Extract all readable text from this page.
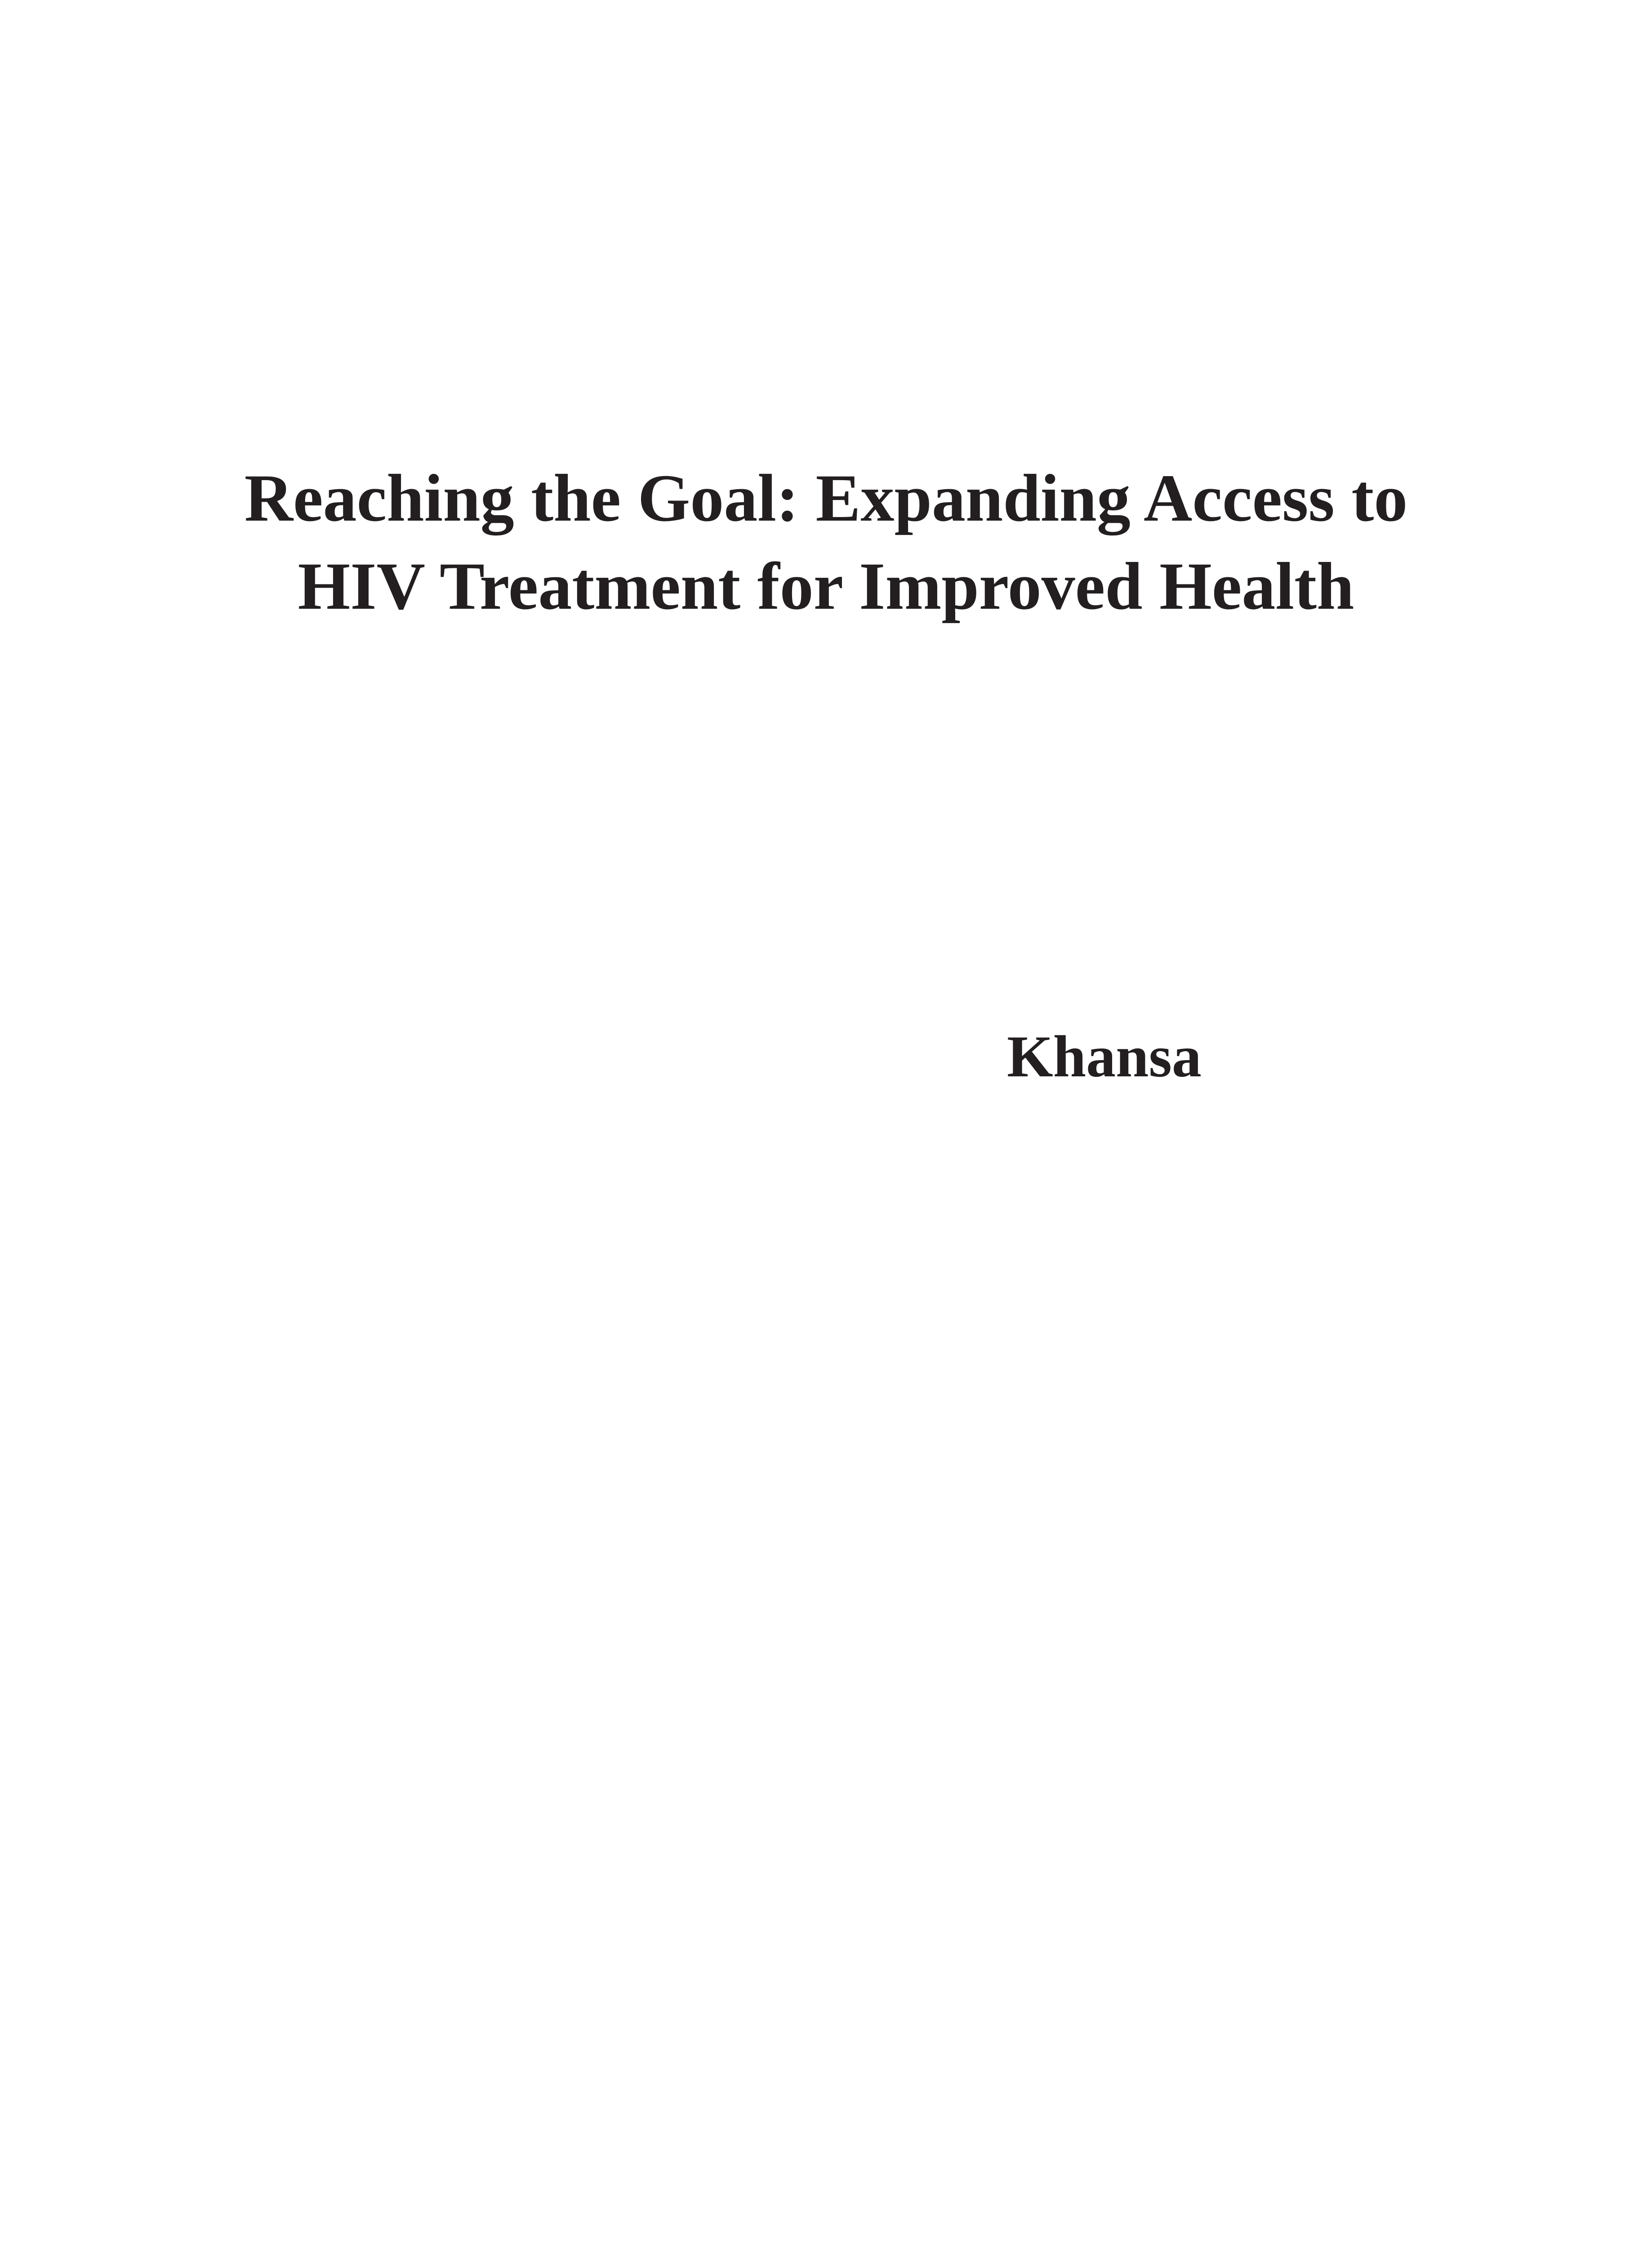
Reaching the Goal: Expanding Access to
HIV Treatment for Improved Health

Khansa
